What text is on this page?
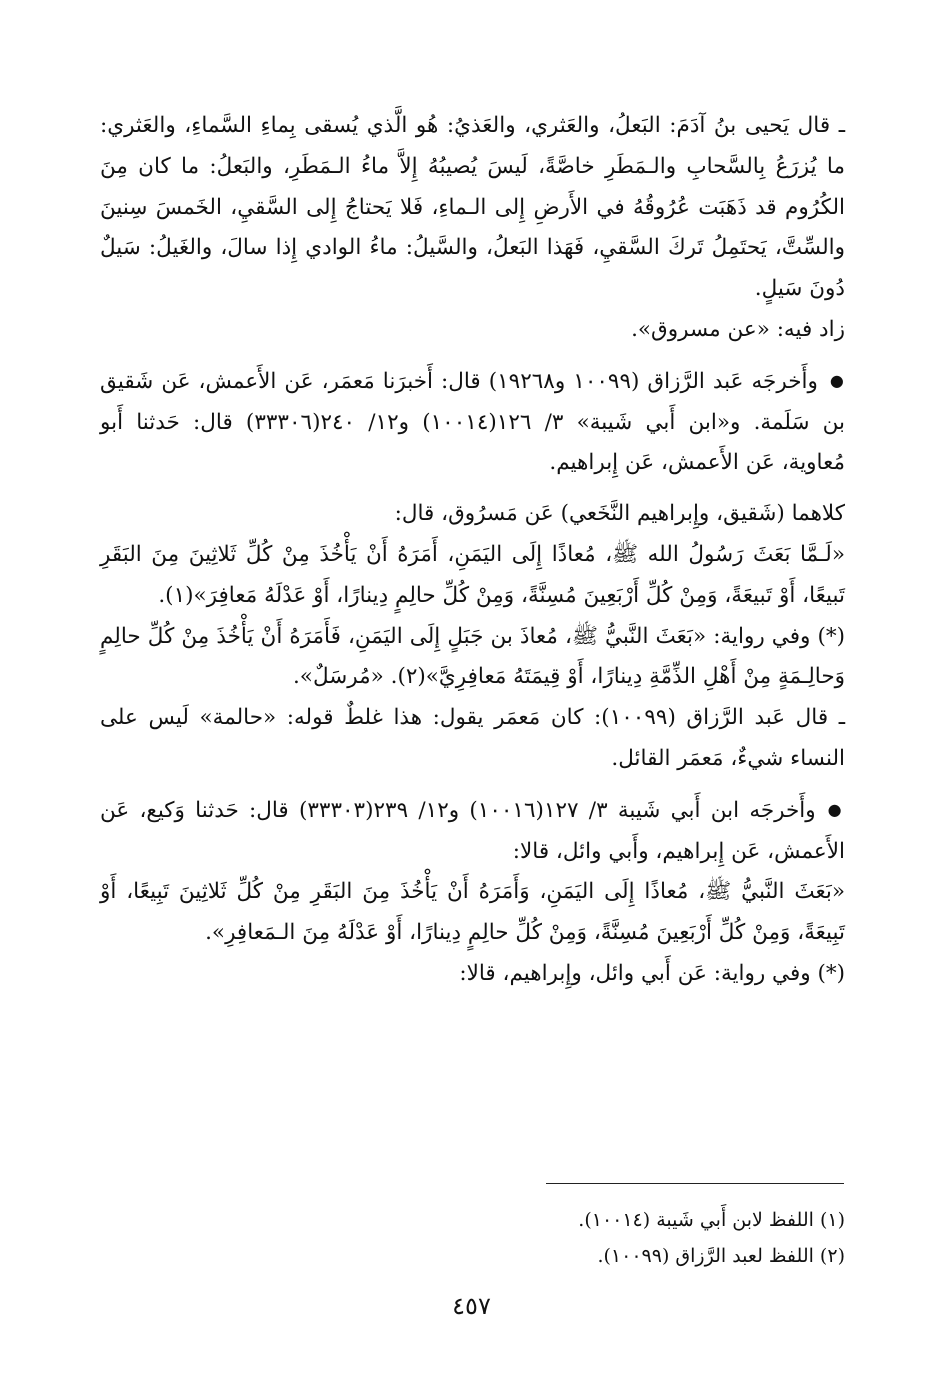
ـ قال يَحيى بنُ آدَمَ: البَعلُ، والعَثري، والعَذيُ: هُو الَّذي يُسقى بِماءِ السَّماءِ، والعَثري: ما يُزرَعُ بِالسَّحابِ والـمَطَرِ خاصَّةً، لَيسَ يُصيبُهُ إِلاَّ ماءُ الـمَطَرِ، والبَعلُ: ما كان مِنَ الكُرُوم قد ذَهَبَت عُرُوقُهُ في الأَرضِ إِلى الـماءِ، فَلا يَحتاجُ إِلى السَّقيِ، الخَمسَ سِنينَ والسِّتَّ، يَحتَمِلُ تَركَ السَّقيِ، فَهَذا البَعلُ، والسَّيلُ: ماءُ الوادي إِذا سالَ، والغَيلُ: سَيلٌ دُونَ سَيلٍ.

زاد فيه: «عن مسروق».

●وأَخرجَه عَبد الرَّزاق (١٠٠٩٩ و١٩٢٦٨) قال: أَخبرَنا مَعمَر، عَن الأَعمش، عَن شَقيق بن سَلَمة. و«ابن أَبي شَيبة» ٣/ ١٢٦(١٠٠١٤) و١٢/ ٢٤٠(٣٣٣٠٦) قال: حَدثنا أَبو مُعاوية، عَن الأَعمش، عَن إِبراهيم.

كلاهما (شَقيق، وإِبراهيم النَّخَعي) عَن مَسرُوق، قال:

«لَـمَّا بَعَثَ رَسُولُ الله ﷺ، مُعاذًا إِلَى اليَمَنِ، أَمَرَهُ أَنْ يَأْخُذَ مِنْ كُلِّ ثَلاثِينَ مِنَ البَقَرِ تَبيعًا، أَوْ تَبيعَةً، وَمِنْ كُلِّ أَرْبَعِينَ مُسِنَّةً، وَمِنْ كُلِّ حالِمٍ دِينارًا، أَوْ عَدْلَهُ مَعافِرَ»(١).

(*) وفي رواية: «بَعَثَ النَّبيُّ ﷺ، مُعاذَ بن جَبَلٍ إِلَى اليَمَنِ، فَأَمَرَهُ أَنْ يَأْخُذَ مِنْ كُلِّ حالِمٍ وَحالِـمَةٍ مِنْ أَهْلِ الذِّمَّةِ دِينارًا، أَوْ قِيمَتَهُ مَعافِرِيَّ»(٢). «مُرسَلٌ».

ـ قال عَبد الرَّزاق (١٠٠٩٩): كان مَعمَر يقول: هذا غلطٌ قوله: «حالمة» لَيس على النساء شيءٌ، مَعمَر القائل.

●وأَخرجَه ابن أَبي شَيبة ٣/ ١٢٧(١٠٠١٦) و١٢/ ٢٣٩(٣٣٣٠٣) قال: حَدثنا وَكيع، عَن الأَعمش، عَن إِبراهيم، وأَبي وائل، قالا:

«بَعَثَ النَّبيُّ ﷺ، مُعاذًا إِلَى اليَمَنِ، وَأَمَرَهُ أَنْ يَأْخُذَ مِنَ البَقَرِ مِنْ كُلِّ ثَلاثِينَ تَبِيعًا، أَوْ تَبِيعَةً، وَمِنْ كُلِّ أَرْبَعِينَ مُسِنَّةً، وَمِنْ كُلِّ حالِمٍ دِينارًا، أَوْ عَدْلَهُ مِنَ الـمَعافِرِ».

(*) وفي رواية: عَن أَبي وائل، وإِبراهيم، قالا:

(١) اللفظ لابن أَبي شَيبة (١٠٠١٤).

(٢) اللفظ لعبد الرَّزاق (١٠٠٩٩).

٤٥٧
